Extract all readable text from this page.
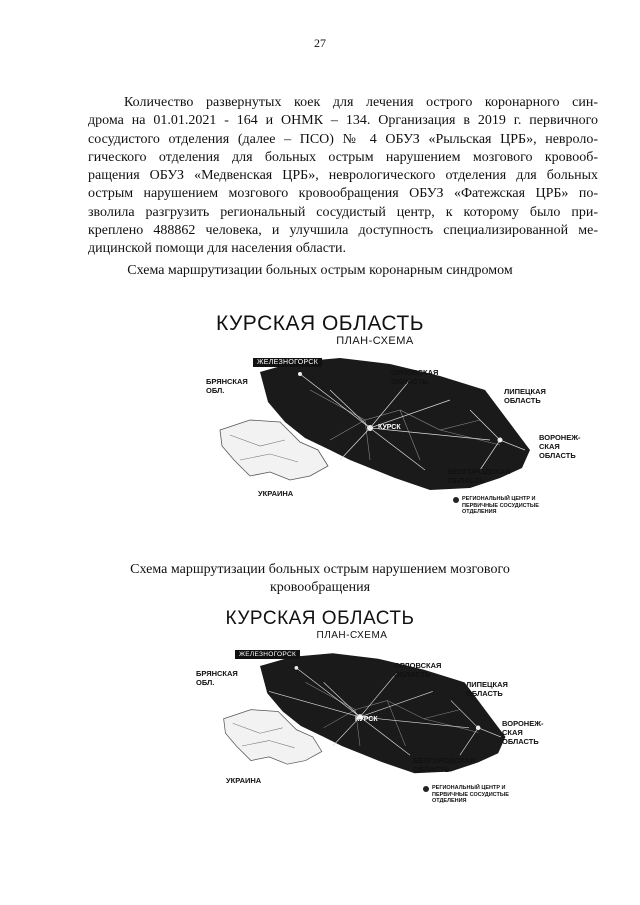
27
Количество развернутых коек для лечения острого коронарного син-
дрома на 01.01.2021 - 164 и ОНМК – 134. Организация в 2019 г. первичного
сосудистого отделения (далее – ПСО) № 4 ОБУЗ «Рыльская ЦРБ», невроло-
гического отделения для больных острым нарушением мозгового кровооб-
ращения ОБУЗ «Медвенская ЦРБ», неврологического отделения для больных
острым нарушением мозгового кровообращения ОБУЗ «Фатежская ЦРБ» по-
зволила разгрузить региональный сосудистый центр, к которому было при-
креплено 488862 человека, и улучшила доступность специализированной ме-
дицинской помощи для населения области.
Схема маршрутизации больных острым коронарным синдромом
КУРСКАЯ ОБЛАСТЬ
ПЛАН-СХЕМА
ЖЕЛЕЗНОГОРСК
КУРСК
БРЯНСКАЯ
ОБЛ.
ОРЛОВСКАЯ
ОБЛАСТЬ
ЛИПЕЦКАЯ
ОБЛАСТЬ
ВОРОНЕЖ-
СКАЯ
ОБЛАСТЬ
БЕЛГОРОДСКАЯ
ОБЛАСТЬ
УКРАИНА
РЕГИОНАЛЬНЫЙ ЦЕНТР И
ПЕРВИЧНЫЕ СОСУДИСТЫЕ
ОТДЕЛЕНИЯ
Схема маршрутизации больных острым нарушением мозгового
кровообращения
КУРСКАЯ ОБЛАСТЬ
ПЛАН-СХЕМА
ЖЕЛЕЗНОГОРСК
КУРСК
БРЯНСКАЯ
ОБЛ.
ОРЛОВСКАЯ
ОБЛАСТЬ
ЛИПЕЦКАЯ
ОБЛАСТЬ
ВОРОНЕЖ-
СКАЯ
ОБЛАСТЬ
БЕЛГОРОДСКАЯ
ОБЛАСТЬ
УКРАИНА
РЕГИОНАЛЬНЫЙ ЦЕНТР И
ПЕРВИЧНЫЕ СОСУДИСТЫЕ
ОТДЕЛЕНИЯ
